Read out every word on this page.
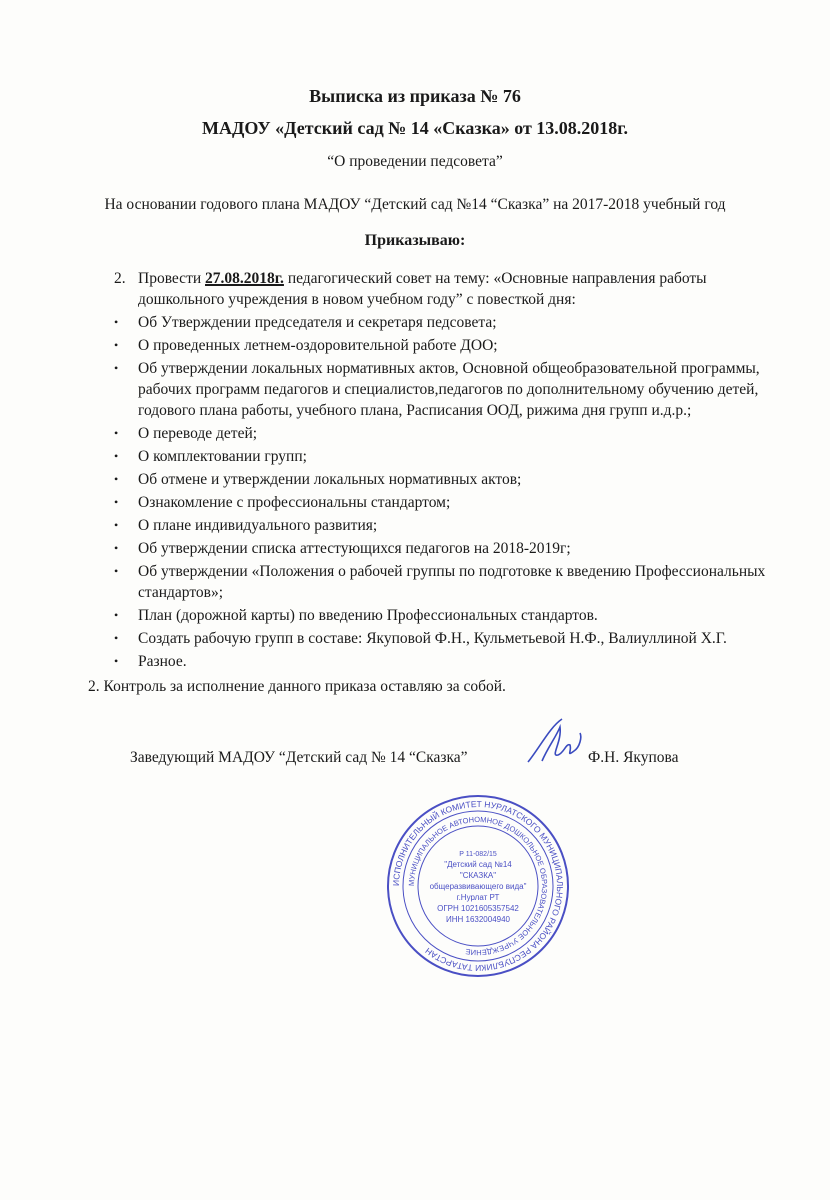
Выписка из приказа № 76
МАДОУ «Детский сад № 14 «Сказка» от 13.08.2018г.
“О проведении педсовета”
На основании годового плана МАДОУ “Детский сад №14 “Сказка” на 2017-2018 учебный год
Приказываю:
2. Провести 27.08.2018г. педагогический совет на тему: «Основные направления работы дошкольного учреждения в новом учебном году” с повесткой дня:
• Об Утверждении председателя и секретаря педсовета;
• О проведенных летнем-оздоровительной работе ДОО;
• Об утверждении локальных нормативных актов, Основной общеобразовательной программы, рабочих программ педагогов и специалистов,педагогов по дополнительному обучению детей, годового плана работы, учебного плана, Расписания ООД, рижима дня групп и.д.р.;
• О переводе детей;
• О комплектовании групп;
• Об отмене и утверждении локальных нормативных актов;
• Ознакомление с профессиональны стандартом;
• О плане индивидуального развития;
• Об утверждении списка аттестующихся педагогов на 2018-2019г;
• Об утверждении «Положения о рабочей группы по подготовке к введению Профессиональных стандартов»;
• План (дорожной карты) по введению Профессиональных стандартов.
• Создать рабочую групп в составе: Якуповой Ф.Н., Кульметьевой Н.Ф., Валиуллиной Х.Г.
• Разное.
2. Контроль за исполнение данного приказа оставляю за собой.
Заведующий МАДОУ “Детский сад № 14 “Сказка”	Ф.Н. Якупова
ИСПОЛНИТЕЛЬНЫЙ КОМИТЕТ НУРЛАТСКОГО МУНИЦИПАЛЬНОГО РАЙОНА РЕСПУБЛИКИ ТАТАРСТАН
МУНИЦИПАЛЬНОЕ АВТОНОМНОЕ ДОШКОЛЬНОЕ ОБРАЗОВАТЕЛЬНОЕ УЧРЕЖДЕНИЕ
Р 11-082/15
"Детский сад №14
"СКАЗКА"
общеразвивающего вида"
г.Нурлат РТ
ОГРН 1021605357542
ИНН 1632004940
